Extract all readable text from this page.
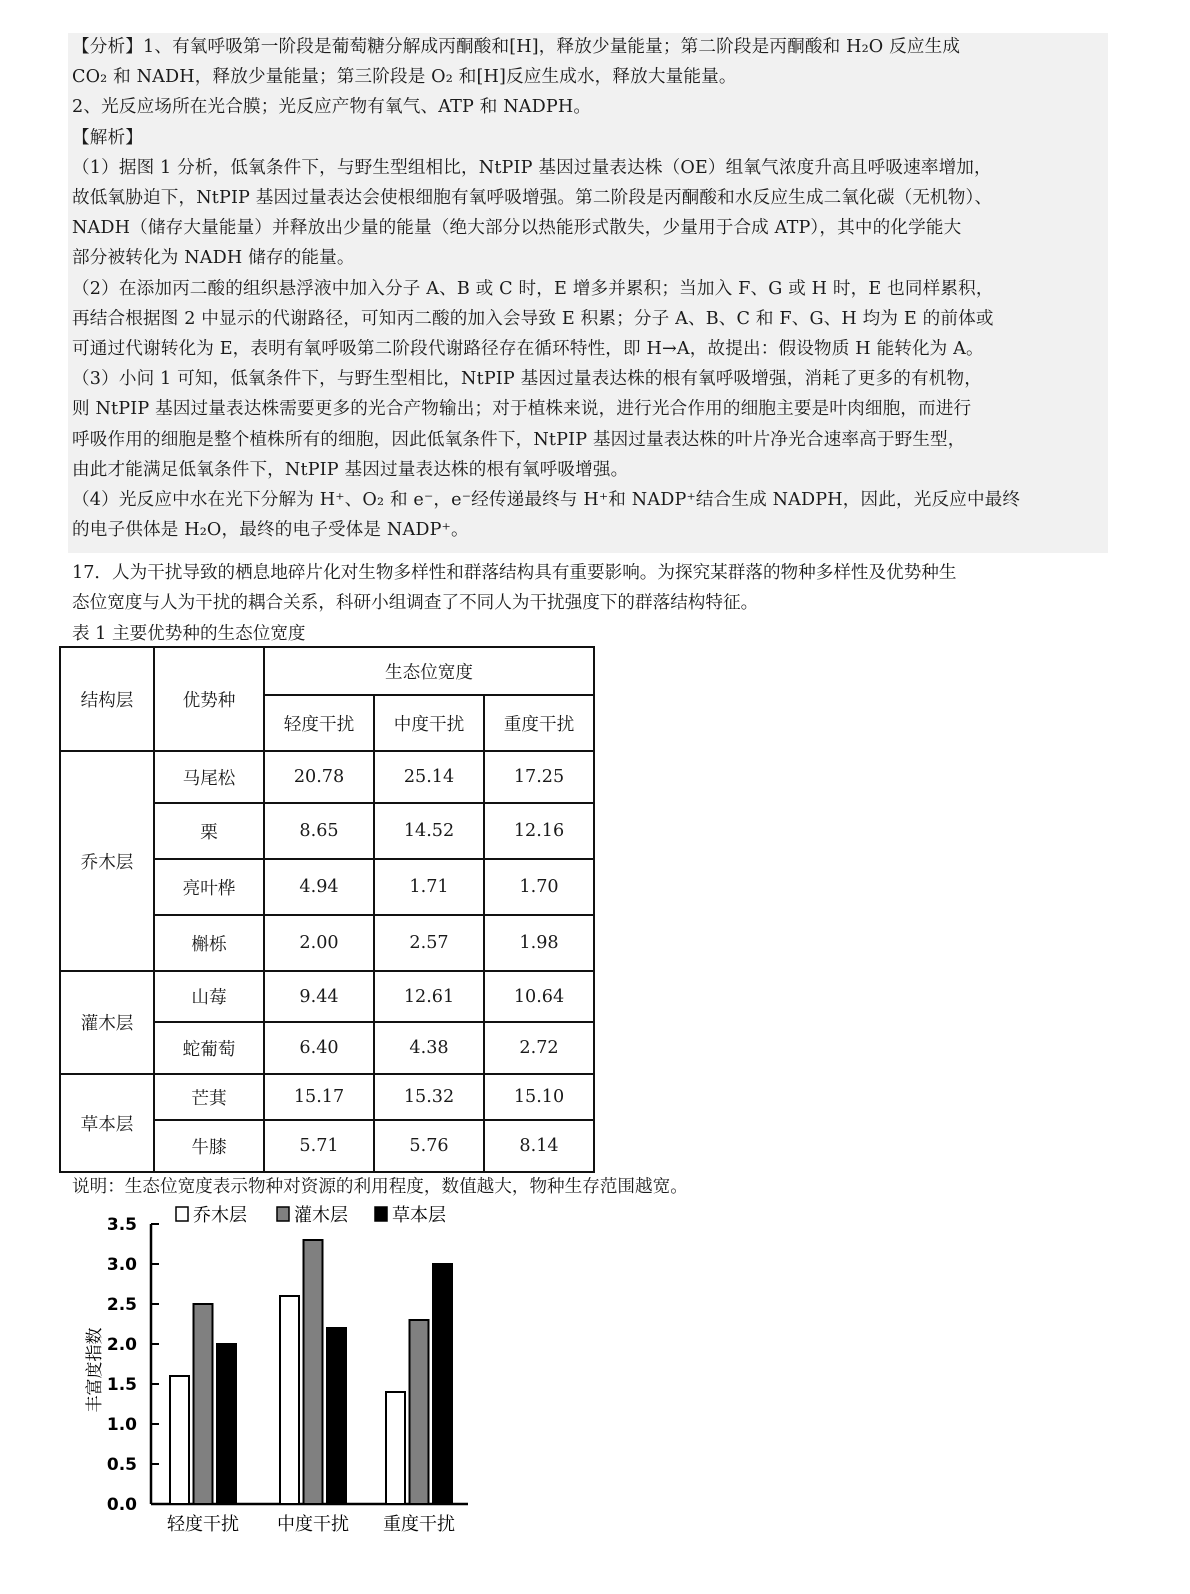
【分析】1、有氧呼吸第一阶段是葡萄糖分解成丙酮酸和[H]，释放少量能量；第二阶段是丙酮酸和 H₂O 反应生成
CO₂ 和 NADH，释放少量能量；第三阶段是 O₂ 和[H]反应生成水，释放大量能量。
2、光反应场所在光合膜；光反应产物有氧气、ATP 和 NADPH。
【解析】
（1）据图 1 分析，低氧条件下，与野生型组相比，NtPIP 基因过量表达株（OE）组氧气浓度升高且呼吸速率增加，
故低氧胁迫下，NtPIP 基因过量表达会使根细胞有氧呼吸增强。第二阶段是丙酮酸和水反应生成二氧化碳（无机物）、
NADH（储存大量能量）并释放出少量的能量（绝大部分以热能形式散失，少量用于合成 ATP），其中的化学能大
部分被转化为 NADH 储存的能量。
（2）在添加丙二酸的组织悬浮液中加入分子 A、B 或 C 时，E 增多并累积；当加入 F、G 或 H 时，E 也同样累积，
再结合根据图 2 中显示的代谢路径，可知丙二酸的加入会导致 E 积累；分子 A、B、C 和 F、G、H 均为 E 的前体或
可通过代谢转化为 E，表明有氧呼吸第二阶段代谢路径存在循环特性，即 H→A，故提出：假设物质 H 能转化为 A。
（3）小问 1 可知，低氧条件下，与野生型相比，NtPIP 基因过量表达株的根有氧呼吸增强，消耗了更多的有机物，
则 NtPIP 基因过量表达株需要更多的光合产物输出；对于植株来说，进行光合作用的细胞主要是叶肉细胞，而进行
呼吸作用的细胞是整个植株所有的细胞，因此低氧条件下，NtPIP 基因过量表达株的叶片净光合速率高于野生型，
由此才能满足低氧条件下，NtPIP 基因过量表达株的根有氧呼吸增强。
（4）光反应中水在光下分解为 H⁺、O₂ 和 e⁻，e⁻经传递最终与 H⁺和 NADP⁺结合生成 NADPH，因此，光反应中最终
的电子供体是 H₂O，最终的电子受体是 NADP⁺。
17．人为干扰导致的栖息地碎片化对生物多样性和群落结构具有重要影响。为探究某群落的物种多样性及优势种生
态位宽度与人为干扰的耦合关系，科研小组调查了不同人为干扰强度下的群落结构特征。
表 1 主要优势种的生态位宽度
结构层	优势种	生态位宽度		
		轻度干扰	中度干扰	重度干扰
乔木层	马尾松	20.78	25.14	17.25
	栗	8.65	14.52	12.16
	亮叶桦	4.94	1.71	1.70
	槲栎	2.00	2.57	1.98
灌木层	山莓	9.44	12.61	10.64
	蛇葡萄	6.40	4.38	2.72
草本层	芒萁	15.17	15.32	15.10
	牛膝	5.71	5.76	8.14
说明：生态位宽度表示物种对资源的利用程度，数值越大，物种生存范围越宽。
0.0
0.5
1.0
1.5
2.0
2.5
3.0
3.5
丰富度指数
轻度干扰 中度干扰 重度干扰
乔木层	灌木层 草本层
